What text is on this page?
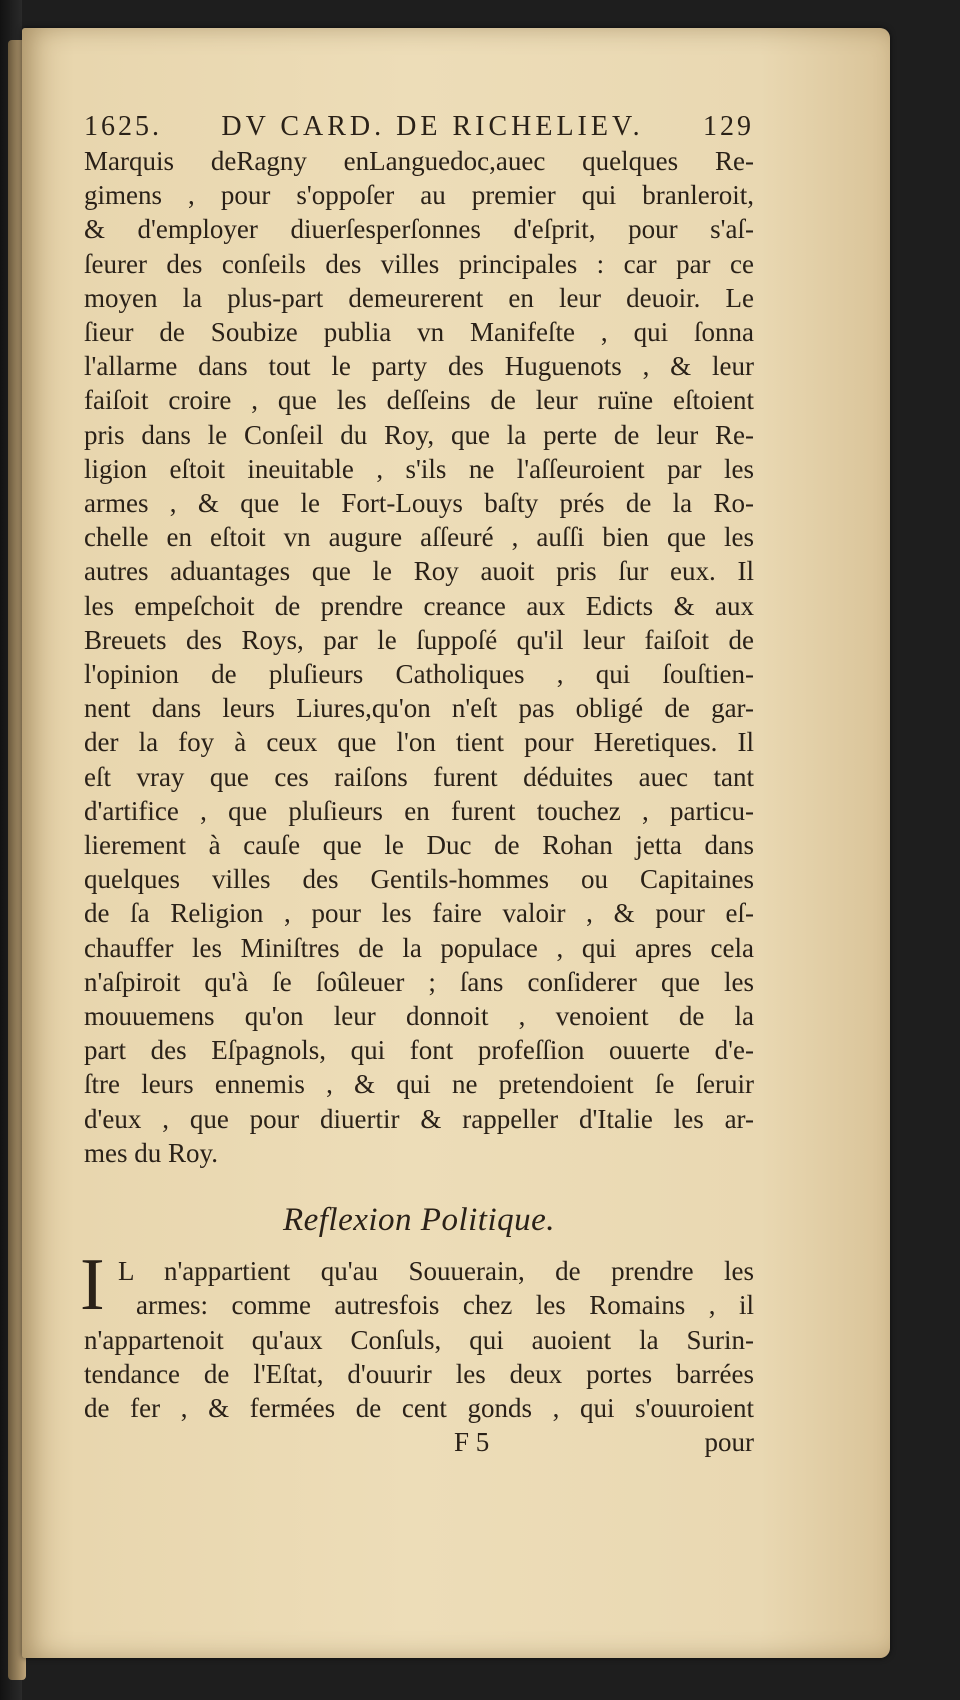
1625. DV CARD. DE RICHELIEV. 129
Marquis deRagny enLanguedoc,auec quelques Re-
gimens , pour s'oppoſer au premier qui branleroit,
& d'employer diuerſesperſonnes d'eſprit, pour s'aſ-
ſeurer des conſeils des villes principales : car par ce
moyen la plus-part demeurerent en leur deuoir. Le
ſieur de Soubize publia vn Manifeſte , qui ſonna
l'allarme dans tout le party des Huguenots , & leur
faiſoit croire , que les deſſeins de leur ruïne eſtoient
pris dans le Conſeil du Roy, que la perte de leur Re-
ligion eſtoit ineuitable , s'ils ne l'aſſeuroient par les
armes , & que le Fort-Louys baſty prés de la Ro-
chelle en eſtoit vn augure aſſeuré , auſſi bien que les
autres aduantages que le Roy auoit pris ſur eux. Il
les empeſchoit de prendre creance aux Edicts & aux
Breuets des Roys, par le ſuppoſé qu'il leur faiſoit de
l'opinion de pluſieurs Catholiques , qui ſouſtien-
nent dans leurs Liures,qu'on n'eſt pas obligé de gar-
der la foy à ceux que l'on tient pour Heretiques. Il
eſt vray que ces raiſons furent déduites auec tant
d'artifice , que pluſieurs en furent touchez , particu-
lierement à cauſe que le Duc de Rohan jetta dans
quelques villes des Gentils-hommes ou Capitaines
de ſa Religion , pour les faire valoir , & pour eſ-
chauffer les Miniſtres de la populace , qui apres cela
n'aſpiroit qu'à ſe ſoûleuer ; ſans conſiderer que les
mouuemens qu'on leur donnoit , venoient de la
part des Eſpagnols, qui font profeſſion ouuerte d'e-
ſtre leurs ennemis , & qui ne pretendoient ſe ſeruir
d'eux , que pour diuertir & rappeller d'Italie les ar-
mes du Roy.
Reflexion Politique.
I L n'appartient qu'au Souuerain, de prendre les
armes: comme autresfois chez les Romains , il
n'appartenoit qu'aux Conſuls, qui auoient la Surin-
tendance de l'Eſtat, d'ouurir les deux portes barrées
de fer , & fermées de cent gonds , qui s'ouuroient
F 5	pour
